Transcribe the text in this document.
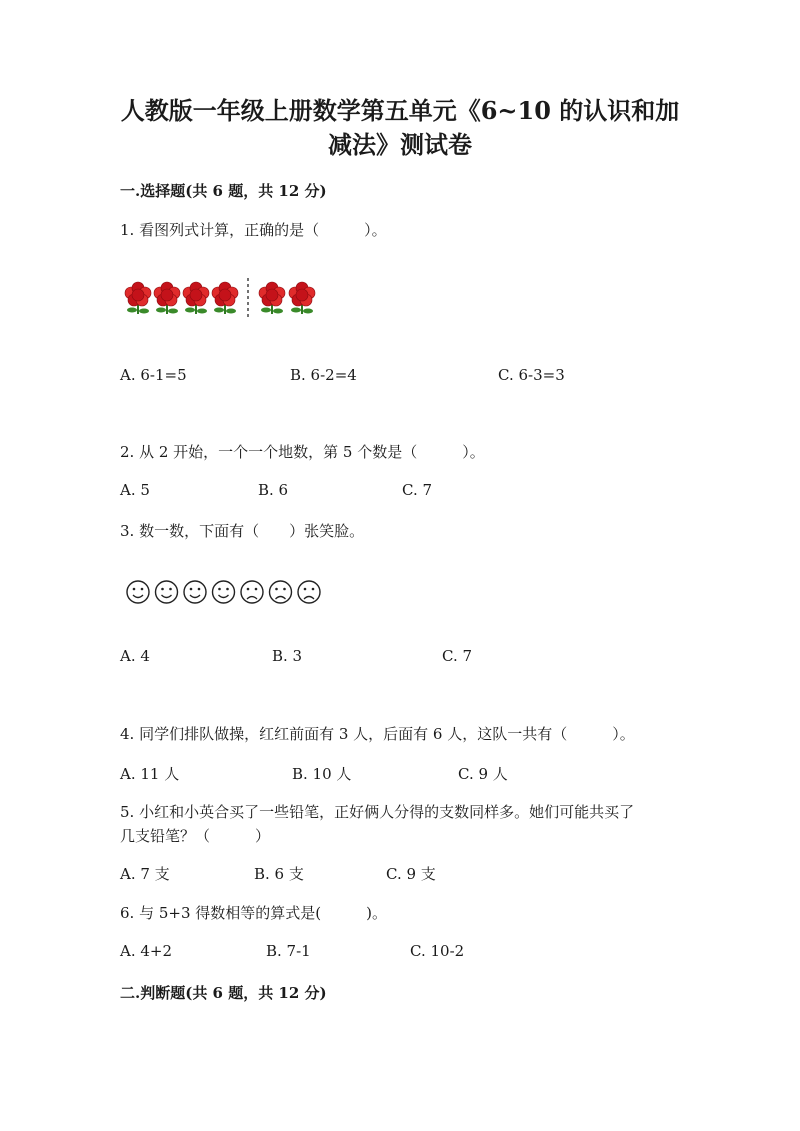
人教版一年级上册数学第五单元《6~10 的认识和加
减法》测试卷
一.选择题(共 6 题，共 12 分)
1. 看图列式计算，正确的是（　　　）。
A. 6-1=5	B. 6-2=4	C. 6-3=3
2. 从 2 开始，一个一个地数，第 5 个数是（　　　）。
A. 5	B. 6	C. 7
3. 数一数，下面有（　　）张笑脸。
A. 4	B. 3	C. 7
4. 同学们排队做操，红红前面有 3 人，后面有 6 人，这队一共有（　　　）。
A. 11 人	B. 10 人	C. 9 人
5. 小红和小英合买了一些铅笔，正好俩人分得的支数同样多。她们可能共买了
几支铅笔？（　　　）
A. 7 支	B. 6 支	C. 9 支
6. 与 5+3 得数相等的算式是(　　　)。
A. 4+2	B. 7-1	C. 10-2
二.判断题(共 6 题，共 12 分)
